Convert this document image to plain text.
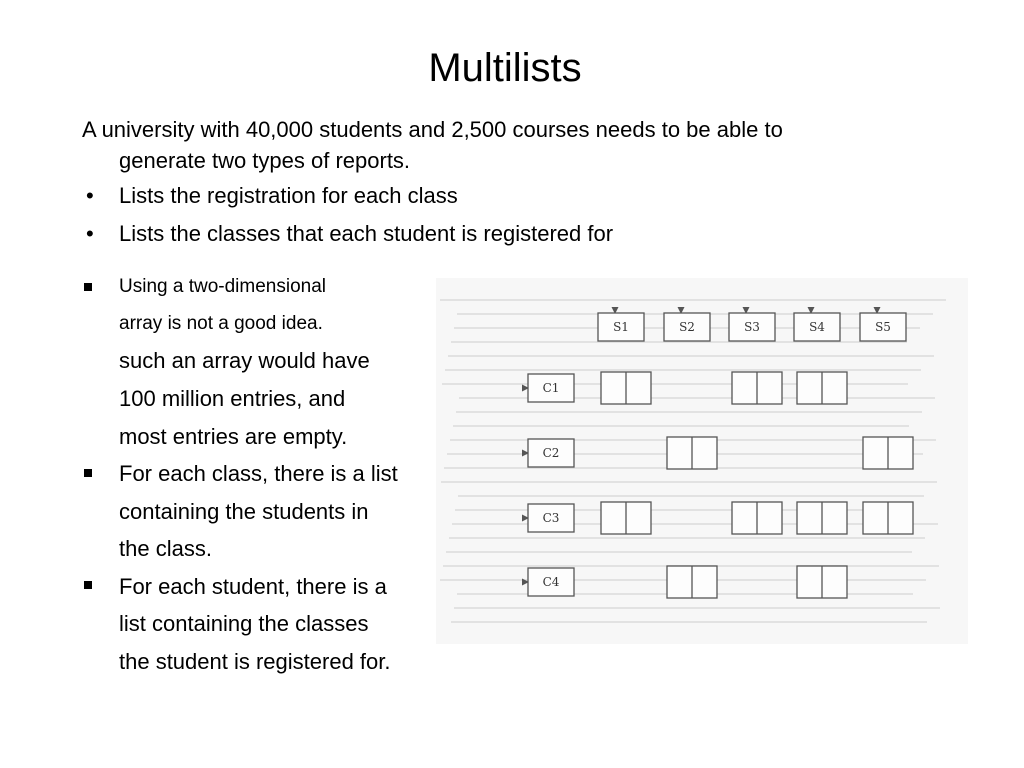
Multilists
A university with 40,000 students and 2,500 courses needs to be able to
generate two types of reports.
• Lists the registration for each class
• Lists the classes that each student is registered for
Using a two-dimensional
array is not a good idea.
such an array would have
100 million entries, and
most entries are empty.
For each class, there is a list
containing the students in
the class.
For each student, there is a
list containing the classes
the student is registered for.
S1	S2	S3	S4	S5
C1
C2
C3
C4
